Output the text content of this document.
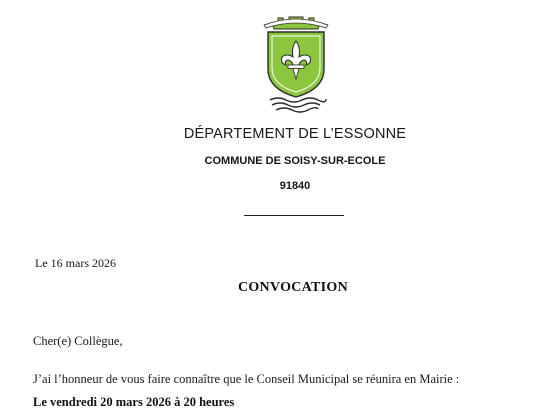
DÉPARTEMENT DE L’ESSONNE
COMMUNE DE SOISY-SUR-ECOLE
91840
Le 16 mars 2026
CONVOCATION
Cher(e) Collègue,
J’ai l’honneur de vous faire connaître que le Conseil Municipal se réunira en Mairie :
Le vendredi 20 mars 2026 à 20 heures
